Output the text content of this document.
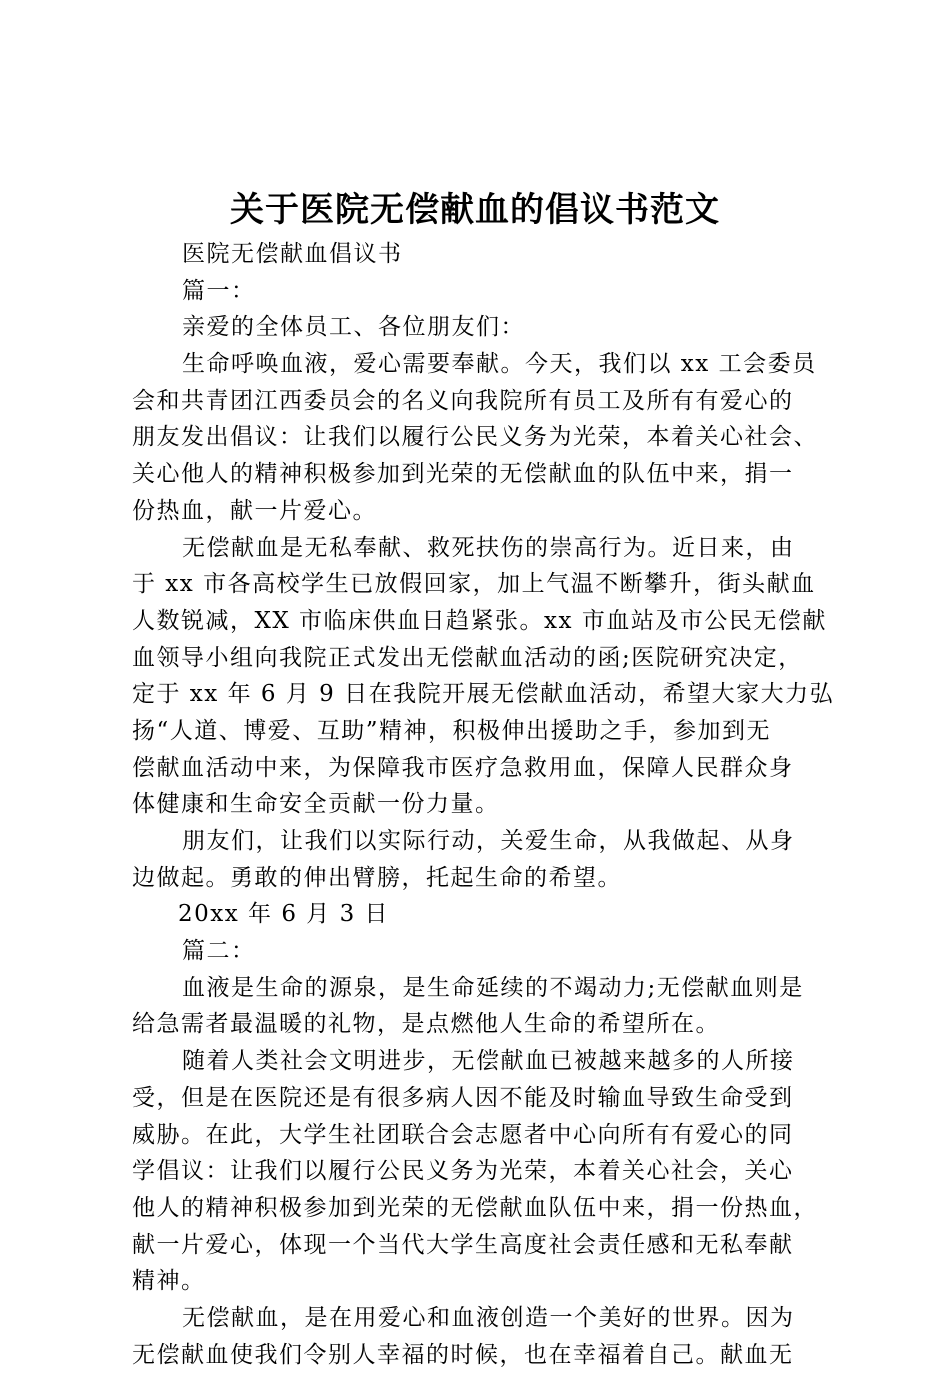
关于医院无偿献血的倡议书范文
医院无偿献血倡议书
篇一：
亲爱的全体员工、各位朋友们：
生命呼唤血液，爱心需要奉献。今天，我们以 xx 工会委员
会和共青团江西委员会的名义向我院所有员工及所有有爱心的
朋友发出倡议：让我们以履行公民义务为光荣，本着关心社会、
关心他人的精神积极参加到光荣的无偿献血的队伍中来，捐一
份热血，献一片爱心。
无偿献血是无私奉献、救死扶伤的崇高行为。近日来，由
于 xx 市各高校学生已放假回家，加上气温不断攀升，街头献血
人数锐减，XX 市临床供血日趋紧张。xx 市血站及市公民无偿献
血领导小组向我院正式发出无偿献血活动的函;医院研究决定，
定于 xx 年 6 月 9 日在我院开展无偿献血活动，希望大家大力弘
扬“人道、博爱、互助”精神，积极伸出援助之手，参加到无
偿献血活动中来，为保障我市医疗急救用血，保障人民群众身
体健康和生命安全贡献一份力量。
朋友们，让我们以实际行动，关爱生命，从我做起、从身
边做起。勇敢的伸出臂膀，托起生命的希望。
20xx 年 6 月 3 日
篇二：
血液是生命的源泉，是生命延续的不竭动力;无偿献血则是
给急需者最温暖的礼物，是点燃他人生命的希望所在。
随着人类社会文明进步，无偿献血已被越来越多的人所接
受，但是在医院还是有很多病人因不能及时输血导致生命受到
威胁。在此，大学生社团联合会志愿者中心向所有有爱心的同
学倡议：让我们以履行公民义务为光荣，本着关心社会，关心
他人的精神积极参加到光荣的无偿献血队伍中来，捐一份热血，
献一片爱心，体现一个当代大学生高度社会责任感和无私奉献
精神。
无偿献血，是在用爱心和血液创造一个美好的世界。因为
无偿献血使我们令别人幸福的时候，也在幸福着自己。献血无
